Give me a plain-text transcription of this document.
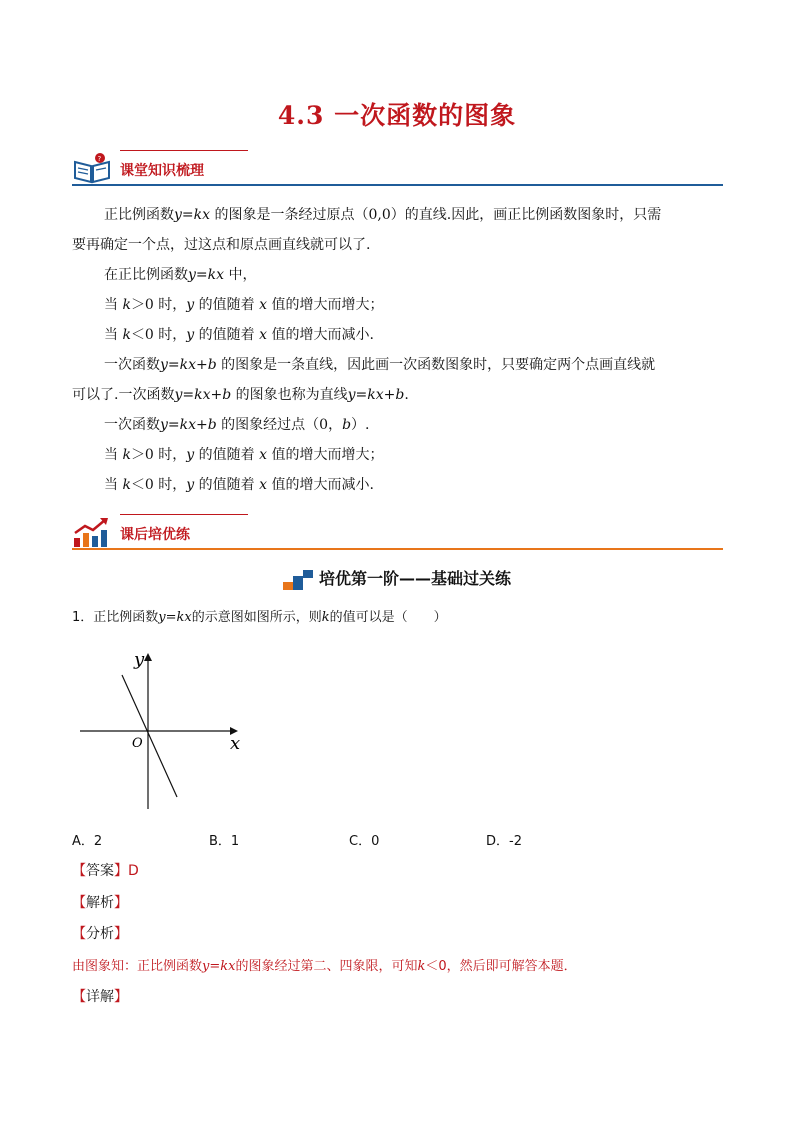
4.3 一次函数的图象
?
课堂知识梳理
正比例函数y=kx 的图象是一条经过原点（0,0）的直线.因此，画正比例函数图象时，只需
要再确定一个点，过这点和原点画直线就可以了.
在正比例函数y=kx 中，
当 k＞0 时，y 的值随着 x 值的增大而增大；
当 k＜0 时，y 的值随着 x 值的增大而减小.
一次函数y=kx+b 的图象是一条直线，因此画一次函数图象时，只要确定两个点画直线就
可以了.一次函数y=kx+b 的图象也称为直线y=kx+b.
一次函数y=kx+b 的图象经过点（0，b）.
当 k＞0 时，y 的值随着 x 值的增大而增大；
当 k＜0 时，y 的值随着 x 值的增大而减小.
课后培优练
培优第一阶——基础过关练
1．正比例函数y=kx的示意图如图所示，则k的值可以是（　　）
y
x
O
A．2	B．1	C．0	D．-2
【答案】D
【解析】
【分析】
由图象知：正比例函数y=kx的图象经过第二、四象限，可知k＜0，然后即可解答本题．
【详解】
